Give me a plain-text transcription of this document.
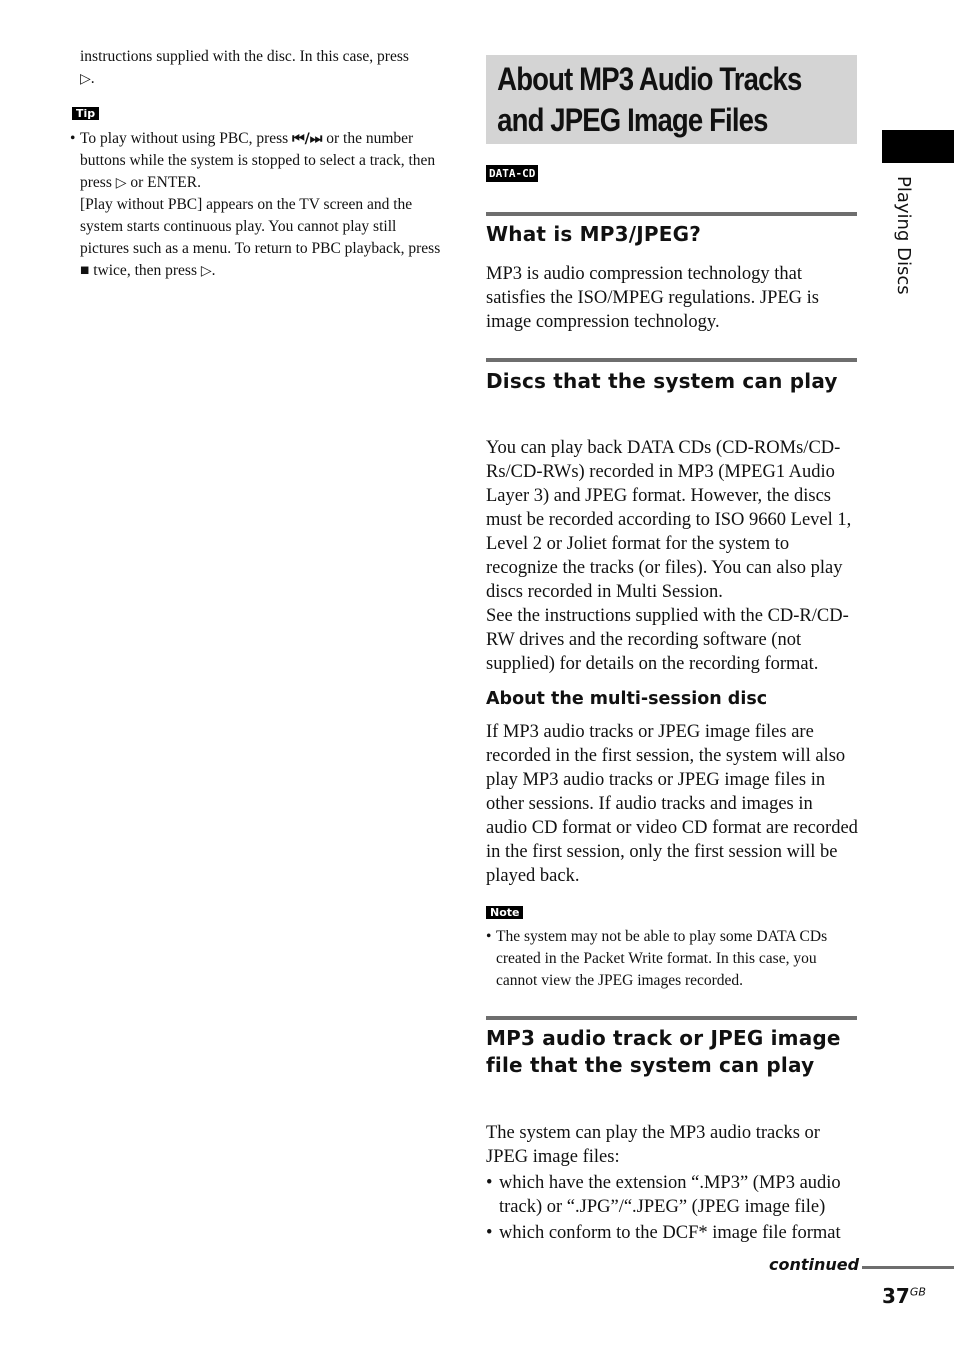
instructions supplied with the disc. In this case, press
▷.
Tip
• To play without using PBC, press ⏮/⏭ or the number buttons while the system is stopped to select a track, then press ▷ or ENTER.
[Play without PBC] appears on the TV screen and the system starts continuous play. You cannot play still pictures such as a menu. To return to PBC playback, press ■ twice, then press ▷.
About MP3 Audio Tracks
and JPEG Image Files
DATA-CD
What is MP3/JPEG?
MP3 is audio compression technology that satisfies the ISO/MPEG regulations. JPEG is image compression technology.
Discs that the system can play
You can play back DATA CDs (CD-ROMs/CD-Rs/CD-RWs) recorded in MP3 (MPEG1 Audio Layer 3) and JPEG format. However, the discs must be recorded according to ISO 9660 Level 1, Level 2 or Joliet format for the system to recognize the tracks (or files). You can also play discs recorded in Multi Session.
See the instructions supplied with the CD-R/CD-RW drives and the recording software (not supplied) for details on the recording format.
About the multi-session disc
If MP3 audio tracks or JPEG image files are recorded in the first session, the system will also play MP3 audio tracks or JPEG image files in other sessions. If audio tracks and images in audio CD format or video CD format are recorded in the first session, only the first session will be played back.
Note
• The system may not be able to play some DATA CDs created in the Packet Write format. In this case, you cannot view the JPEG images recorded.
MP3 audio track or JPEG image file that the system can play
The system can play the MP3 audio tracks or JPEG image files:
• which have the extension “.MP3” (MP3 audio track) or “.JPG”/“.JPEG” (JPEG image file)
• which conform to the DCF* image file format
Playing Discs
continued
$37^{GB}$
